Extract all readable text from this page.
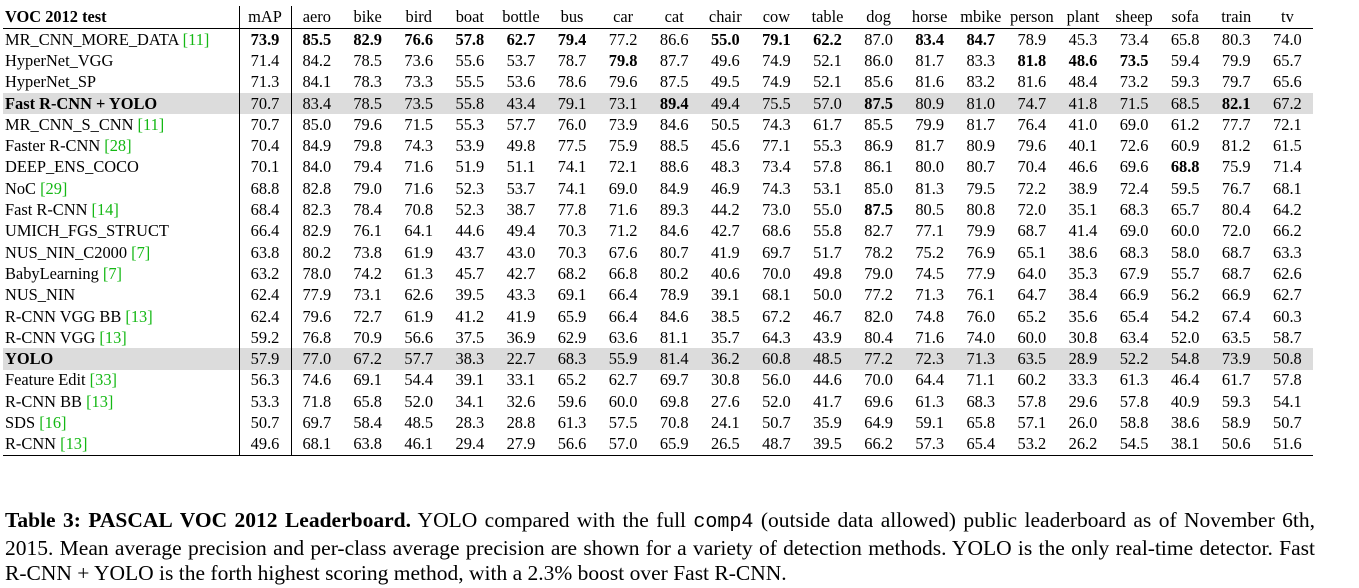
VOC 2012 test	mAP	aero	bike	bird	boat	bottle	bus	car	cat	chair	cow	table	dog	horse	mbike	person	plant	sheep	sofa	train	tv
MR_CNN_MORE_DATA [11]	73.9	85.5	82.9	76.6	57.8	62.7	79.4	77.2	86.6	55.0	79.1	62.2	87.0	83.4	84.7	78.9	45.3	73.4	65.8	80.3	74.0
HyperNet_VGG	71.4	84.2	78.5	73.6	55.6	53.7	78.7	79.8	87.7	49.6	74.9	52.1	86.0	81.7	83.3	81.8	48.6	73.5	59.4	79.9	65.7
HyperNet_SP	71.3	84.1	78.3	73.3	55.5	53.6	78.6	79.6	87.5	49.5	74.9	52.1	85.6	81.6	83.2	81.6	48.4	73.2	59.3	79.7	65.6
Fast R-CNN + YOLO	70.7	83.4	78.5	73.5	55.8	43.4	79.1	73.1	89.4	49.4	75.5	57.0	87.5	80.9	81.0	74.7	41.8	71.5	68.5	82.1	67.2
MR_CNN_S_CNN [11]	70.7	85.0	79.6	71.5	55.3	57.7	76.0	73.9	84.6	50.5	74.3	61.7	85.5	79.9	81.7	76.4	41.0	69.0	61.2	77.7	72.1
Faster R-CNN [28]	70.4	84.9	79.8	74.3	53.9	49.8	77.5	75.9	88.5	45.6	77.1	55.3	86.9	81.7	80.9	79.6	40.1	72.6	60.9	81.2	61.5
DEEP_ENS_COCO	70.1	84.0	79.4	71.6	51.9	51.1	74.1	72.1	88.6	48.3	73.4	57.8	86.1	80.0	80.7	70.4	46.6	69.6	68.8	75.9	71.4
NoC [29]	68.8	82.8	79.0	71.6	52.3	53.7	74.1	69.0	84.9	46.9	74.3	53.1	85.0	81.3	79.5	72.2	38.9	72.4	59.5	76.7	68.1
Fast R-CNN [14]	68.4	82.3	78.4	70.8	52.3	38.7	77.8	71.6	89.3	44.2	73.0	55.0	87.5	80.5	80.8	72.0	35.1	68.3	65.7	80.4	64.2
UMICH_FGS_STRUCT	66.4	82.9	76.1	64.1	44.6	49.4	70.3	71.2	84.6	42.7	68.6	55.8	82.7	77.1	79.9	68.7	41.4	69.0	60.0	72.0	66.2
NUS_NIN_C2000 [7]	63.8	80.2	73.8	61.9	43.7	43.0	70.3	67.6	80.7	41.9	69.7	51.7	78.2	75.2	76.9	65.1	38.6	68.3	58.0	68.7	63.3
BabyLearning [7]	63.2	78.0	74.2	61.3	45.7	42.7	68.2	66.8	80.2	40.6	70.0	49.8	79.0	74.5	77.9	64.0	35.3	67.9	55.7	68.7	62.6
NUS_NIN	62.4	77.9	73.1	62.6	39.5	43.3	69.1	66.4	78.9	39.1	68.1	50.0	77.2	71.3	76.1	64.7	38.4	66.9	56.2	66.9	62.7
R-CNN VGG BB [13]	62.4	79.6	72.7	61.9	41.2	41.9	65.9	66.4	84.6	38.5	67.2	46.7	82.0	74.8	76.0	65.2	35.6	65.4	54.2	67.4	60.3
R-CNN VGG [13]	59.2	76.8	70.9	56.6	37.5	36.9	62.9	63.6	81.1	35.7	64.3	43.9	80.4	71.6	74.0	60.0	30.8	63.4	52.0	63.5	58.7
YOLO	57.9	77.0	67.2	57.7	38.3	22.7	68.3	55.9	81.4	36.2	60.8	48.5	77.2	72.3	71.3	63.5	28.9	52.2	54.8	73.9	50.8
Feature Edit [33]	56.3	74.6	69.1	54.4	39.1	33.1	65.2	62.7	69.7	30.8	56.0	44.6	70.0	64.4	71.1	60.2	33.3	61.3	46.4	61.7	57.8
R-CNN BB [13]	53.3	71.8	65.8	52.0	34.1	32.6	59.6	60.0	69.8	27.6	52.0	41.7	69.6	61.3	68.3	57.8	29.6	57.8	40.9	59.3	54.1
SDS [16]	50.7	69.7	58.4	48.5	28.3	28.8	61.3	57.5	70.8	24.1	50.7	35.9	64.9	59.1	65.8	57.1	26.0	58.8	38.6	58.9	50.7
R-CNN [13]	49.6	68.1	63.8	46.1	29.4	27.9	56.6	57.0	65.9	26.5	48.7	39.5	66.2	57.3	65.4	53.2	26.2	54.5	38.1	50.6	51.6
Table 3: PASCAL VOC 2012 Leaderboard. YOLO compared with the full comp4 (outside data allowed) public leaderboard as of November 6th, 2015. Mean average precision and per-class average precision are shown for a variety of detection methods. YOLO is the only real-time detector. Fast R-CNN + YOLO is the forth highest scoring method, with a 2.3% boost over Fast R-CNN.
